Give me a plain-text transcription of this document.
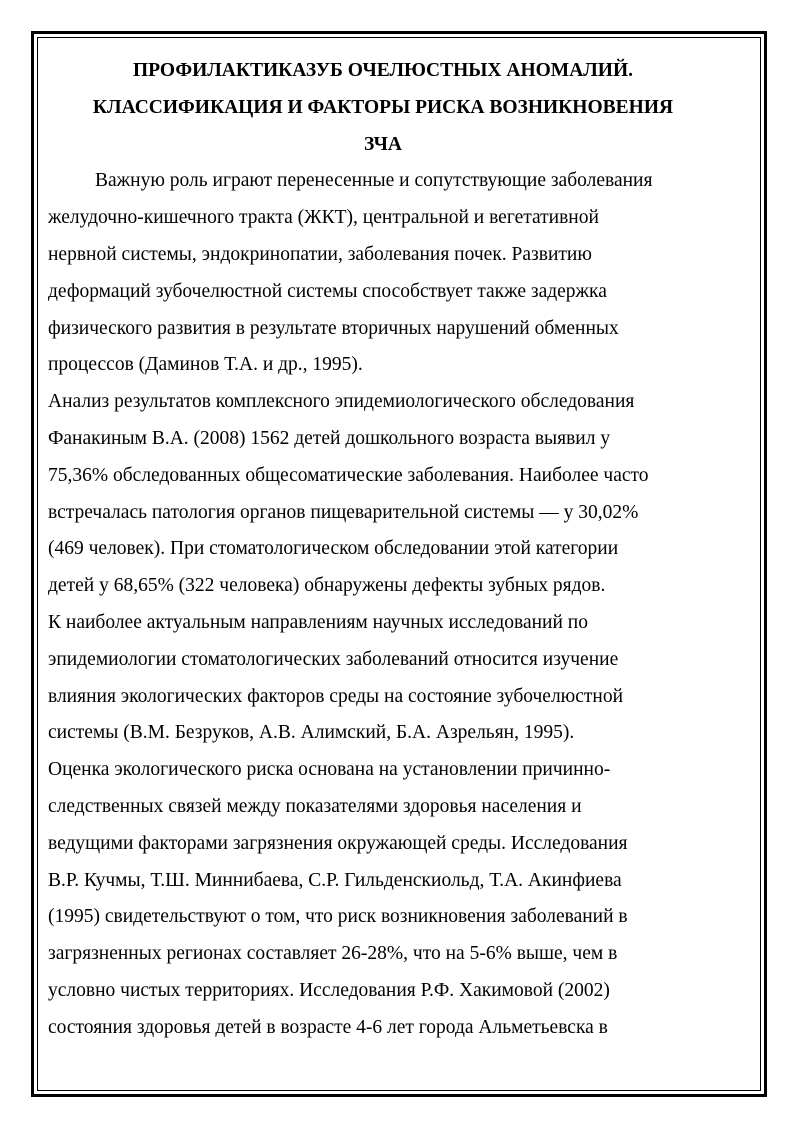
ПРОФИЛАКТИКАЗУБ ОЧЕЛЮСТНЫХ АНОМАЛИЙ.
КЛАССИФИКАЦИЯ И ФАКТОРЫ РИСКА ВОЗНИКНОВЕНИЯ
ЗЧА

Важную роль играют перенесенные и сопутствующие заболевания
желудочно-кишечного тракта (ЖКТ), центральной и вегетативной
нервной системы, эндокринопатии, заболевания почек. Развитию
деформаций зубочелюстной системы способствует также задержка
физического развития в результате вторичных нарушений обменных
процессов (Даминов Т.А. и др., 1995).

Анализ результатов комплексного эпидемиологического обследования
Фанакиным В.А. (2008) 1562 детей дошкольного возраста выявил у
75,36% обследованных общесоматические заболевания. Наиболее часто
встречалась патология органов пищеварительной системы — у 30,02%
(469 человек). При стоматологическом обследовании этой категории
детей у 68,65% (322 человека) обнаружены дефекты зубных рядов.

К наиболее актуальным направлениям научных исследований по
эпидемиологии стоматологических заболеваний относится изучение
влияния экологических факторов среды на состояние зубочелюстной
системы (В.М. Безруков, А.В. Алимский, Б.А. Азрельян, 1995).

Оценка экологического риска основана на установлении причинно-
следственных связей между показателями здоровья населения и
ведущими факторами загрязнения окружающей среды. Исследования
В.Р. Кучмы, Т.Ш. Миннибаева, С.Р. Гильденскиольд, Т.А. Акинфиева
(1995) свидетельствуют о том, что риск возникновения заболеваний в
загрязненных регионах составляет 26-28%, что на 5-6% выше, чем в
условно чистых территориях. Исследования Р.Ф. Хакимовой (2002)
состояния здоровья детей в возрасте 4-6 лет города Альметьевска в
